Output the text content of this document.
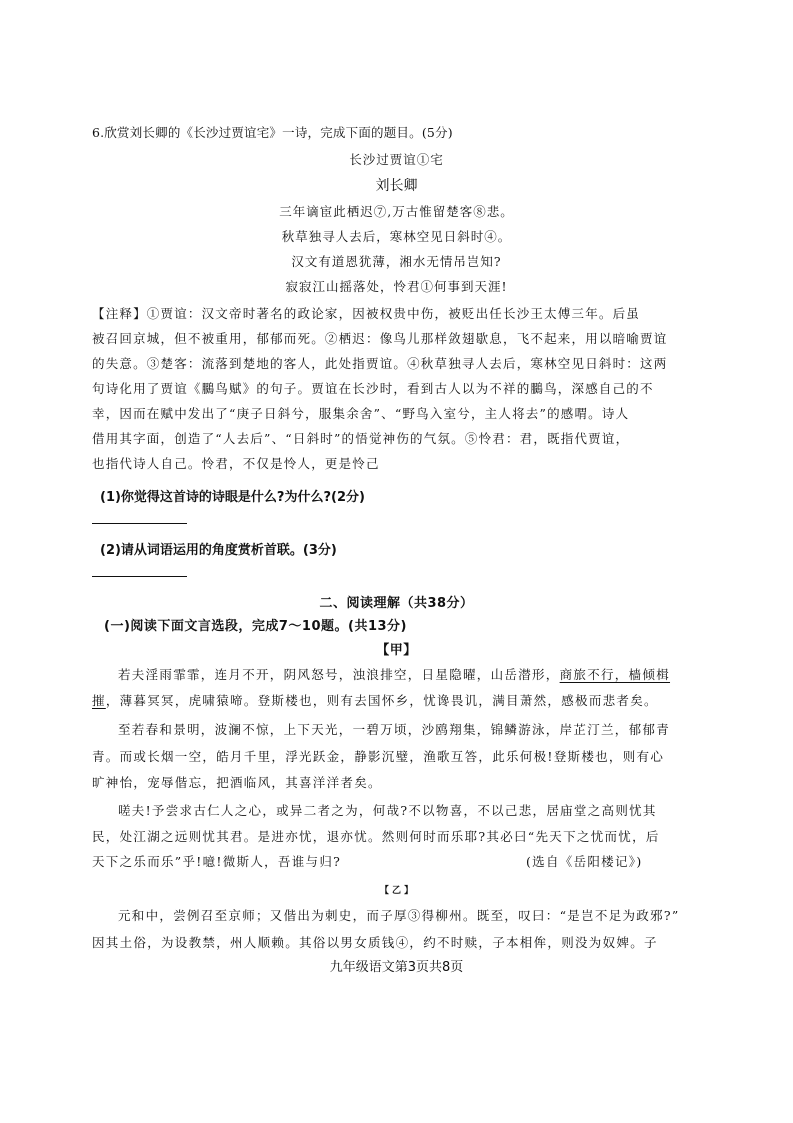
6.欣赏刘长卿的《长沙过贾谊宅》一诗，完成下面的题目。(5分)
长沙过贾谊①宅
刘长卿
三年谪宦此栖迟⑦,万古惟留楚客⑧悲。
秋草独寻人去后，寒林空见日斜时④。
汉文有道恩犹薄，湘水无情吊岂知?
寂寂江山摇落处，怜君①何事到天涯!
【注释】①贾谊：汉文帝时著名的政论家，因被权贵中伤，被贬出任长沙王太傅三年。后虽
被召回京城，但不被重用，郁郁而死。②栖迟：像鸟儿那样敛翅歇息，飞不起来，用以暗喻贾谊
的失意。③楚客：流落到楚地的客人，此处指贾谊。④秋草独寻人去后，寒林空见日斜时：这两
句诗化用了贾谊《鵩鸟赋》的句子。贾谊在长沙时，看到古人以为不祥的鵩鸟，深感自己的不
幸，因而在赋中发出了“庚子日斜兮，服集余舍”、“野鸟入室兮，主人将去”的感喟。诗人
借用其字面，创造了“人去后”、“日斜时”的悟觉神伤的气氛。⑤怜君：君，既指代贾谊，
也指代诗人自己。怜君，不仅是怜人，更是怜己
(1)你觉得这首诗的诗眼是什么?为什么?(2分)
(2)请从词语运用的角度赏析首联。(3分)
二、阅读理解（共38分）
(一)阅读下面文言选段，完成7～10题。(共13分)
【甲】
若夫淫雨霏霏，连月不开，阴风怒号，浊浪排空，日星隐曜，山岳潜形，商旅不行，樯倾楫
摧，薄暮冥冥，虎啸猿啼。登斯楼也，则有去国怀乡，忧谗畏讥，满目萧然，感极而悲者矣。
至若春和景明，波澜不惊，上下天光，一碧万顷，沙鸥翔集，锦鳞游泳，岸芷汀兰，郁郁青
青。而或长烟一空，皓月千里，浮光跃金，静影沉璧，渔歌互答，此乐何极!登斯楼也，则有心
旷神怡，宠辱偕忘，把酒临风，其喜洋洋者矣。
嗟夫!予尝求古仁人之心，或异二者之为，何哉?不以物喜，不以己悲，居庙堂之高则忧其
民，处江湖之远则忧其君。是进亦忧，退亦忧。然则何时而乐耶?其必曰“先天下之忧而忧，后
天下之乐而乐”乎!噫!微斯人，吾谁与归?	(选自《岳阳楼记》)
【 乙 】
元和中，尝例召至京师；又偕出为刺史，而子厚③得柳州。既至，叹曰：“是岂不足为政邪?”
因其土俗，为设教禁，州人顺赖。其俗以男女质钱④，约不时赎，子本相侔，则没为奴婢。子
九年级语文第3页共8页
